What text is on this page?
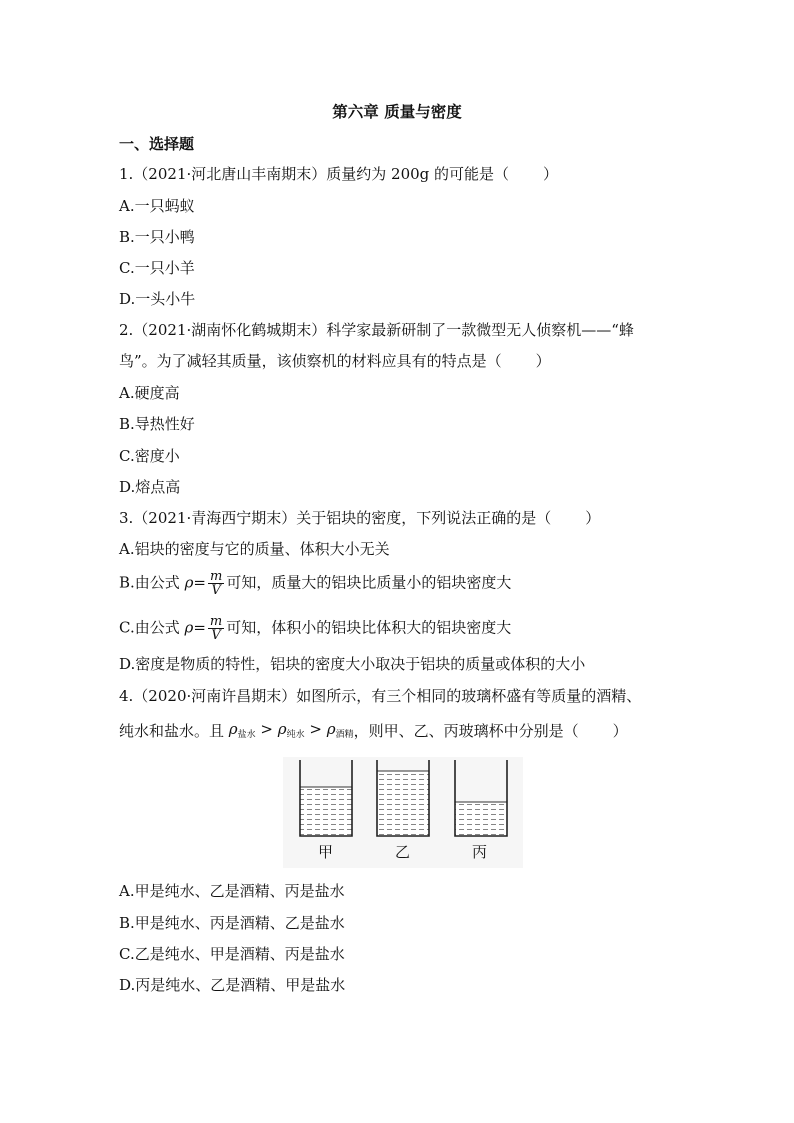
第六章 质量与密度
一、选择题
1.（2021·河北唐山丰南期末）质量约为 200g 的可能是（ ）
A.一只蚂蚁
B.一只小鸭
C.一只小羊
D.一头小牛
2.（2021·湖南怀化鹤城期末）科学家最新研制了一款微型无人侦察机——“蜂
鸟”。为了减轻其质量，该侦察机的材料应具有的特点是（ ）
A.硬度高
B.导热性好
C.密度小
D.熔点高
3.（2021·青海西宁期末）关于铝块的密度，下列说法正确的是（ ）
A.铝块的密度与它的质量、体积大小无关
B.由公式 $\rho= \frac{m}{V}$ 可知，质量大的铝块比质量小的铝块密度大
C.由公式 $\rho= \frac{m}{V}$ 可知，体积小的铝块比体积大的铝块密度大
D.密度是物质的特性，铝块的密度大小取决于铝块的质量或体积的大小
4.（2020·河南许昌期末）如图所示，有三个相同的玻璃杯盛有等质量的酒精、
纯水和盐水。且 $\rho_{盐水} > \rho_{纯水} > \rho_{酒精}$，则甲、乙、丙玻璃杯中分别是（ ）
甲	乙	丙
A.甲是纯水、乙是酒精、丙是盐水
B.甲是纯水、丙是酒精、乙是盐水
C.乙是纯水、甲是酒精、丙是盐水
D.丙是纯水、乙是酒精、甲是盐水
